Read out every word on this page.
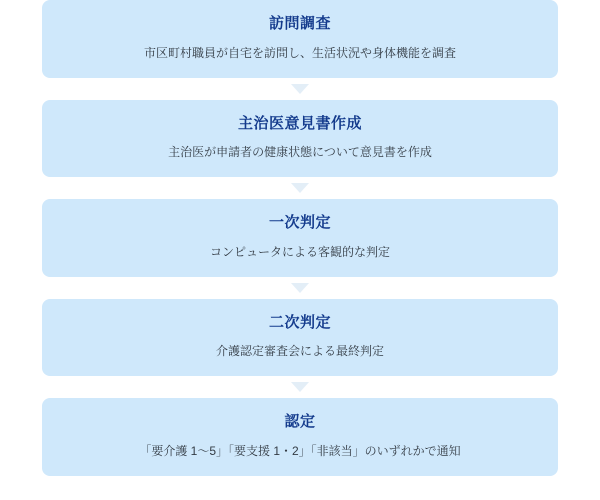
訪問調査

市区町村職員が自宅を訪問し、生活状況や身体機能を調査

主治医意見書作成

主治医が申請者の健康状態について意見書を作成

一次判定

コンピュータによる客観的な判定

二次判定

介護認定審査会による最終判定

認定

「要介護 1〜5」「要支援 1・2」「非該当」のいずれかで通知
